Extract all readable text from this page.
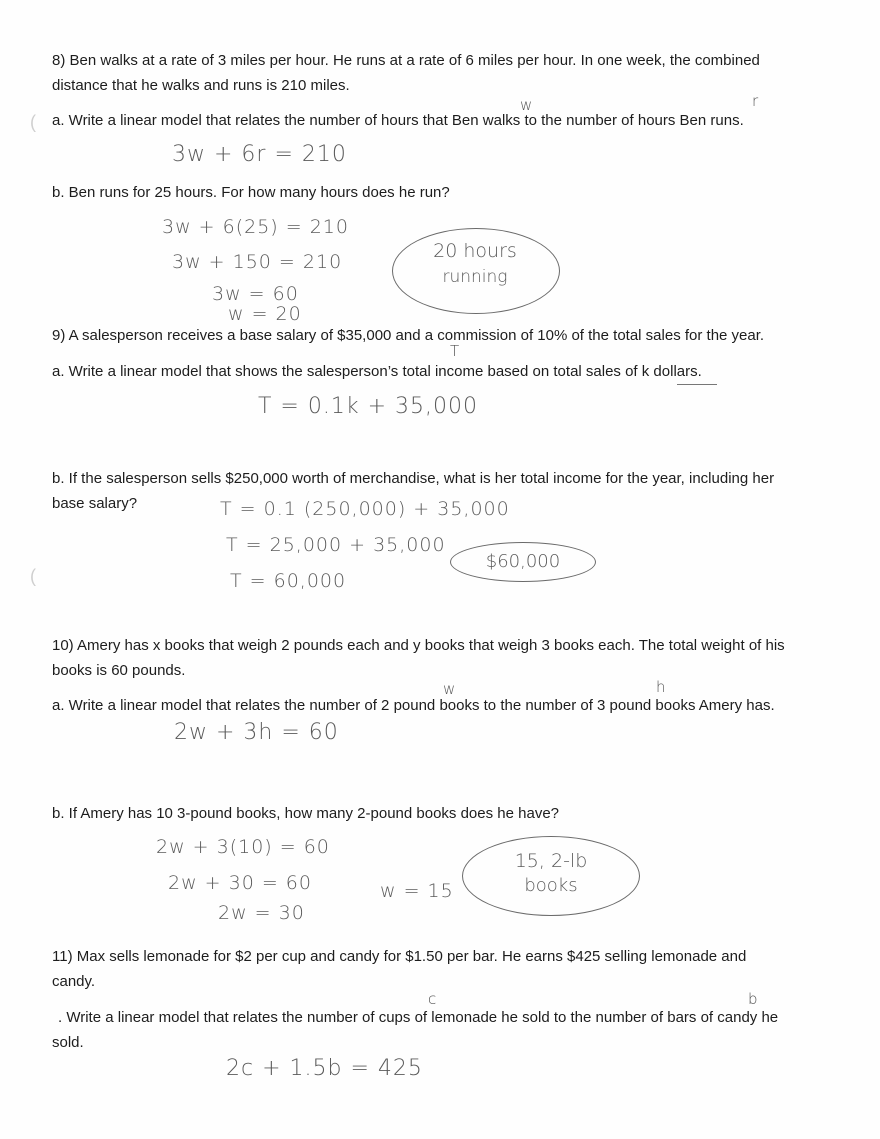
(
(
8) Ben walks at a rate of 3 miles per hour. He runs at a rate of 6 miles per hour. In one week, the combined
distance that he walks and runs is 210 miles.
w	r
а. Write a linear model that relates the number of hours that Ben walks to the number of hours Ben runs.
3w + 6r = 210
b. Ben runs for 25 hours. For how many hours does he run?
3w + 6(25) = 210
3w + 150 = 210
3w = 60
w = 20
20 hours
running
9) A salesperson receives a base salary of $35,000 and a commission of 10% of the total sales for the year.
T
a. Write a linear model that shows the salesperson’s total income based on total sales of k dollars.
T = 0.1k + 35,000
b. If the salesperson sells $250,000 worth of merchandise, what is her total income for the year, including her
base salary?	T = 0.1 (250,000) + 35,000
T = 25,000 + 35,000
T = 60,000
$60,000
10) Amery has x books that weigh 2 pounds each and y books that weigh 3 books each. The total weight of his
books is 60 pounds.
w	h
a. Write a linear model that relates the number of 2 pound books to the number of 3 pound books Amery has.
2w + 3h = 60
b. If Amery has 10 3-pound books, how many 2-pound books does he have?
2w + 3(10) = 60
2w + 30 = 60
2w = 30
w = 15
15, 2-lb
books
11) Max sells lemonade for $2 per cup and candy for $1.50 per bar. He earns $425 selling lemonade and
candy.
c	b
. Write a linear model that relates the number of cups of lemonade he sold to the number of bars of candy he
sold.
2c + 1.5b = 425
